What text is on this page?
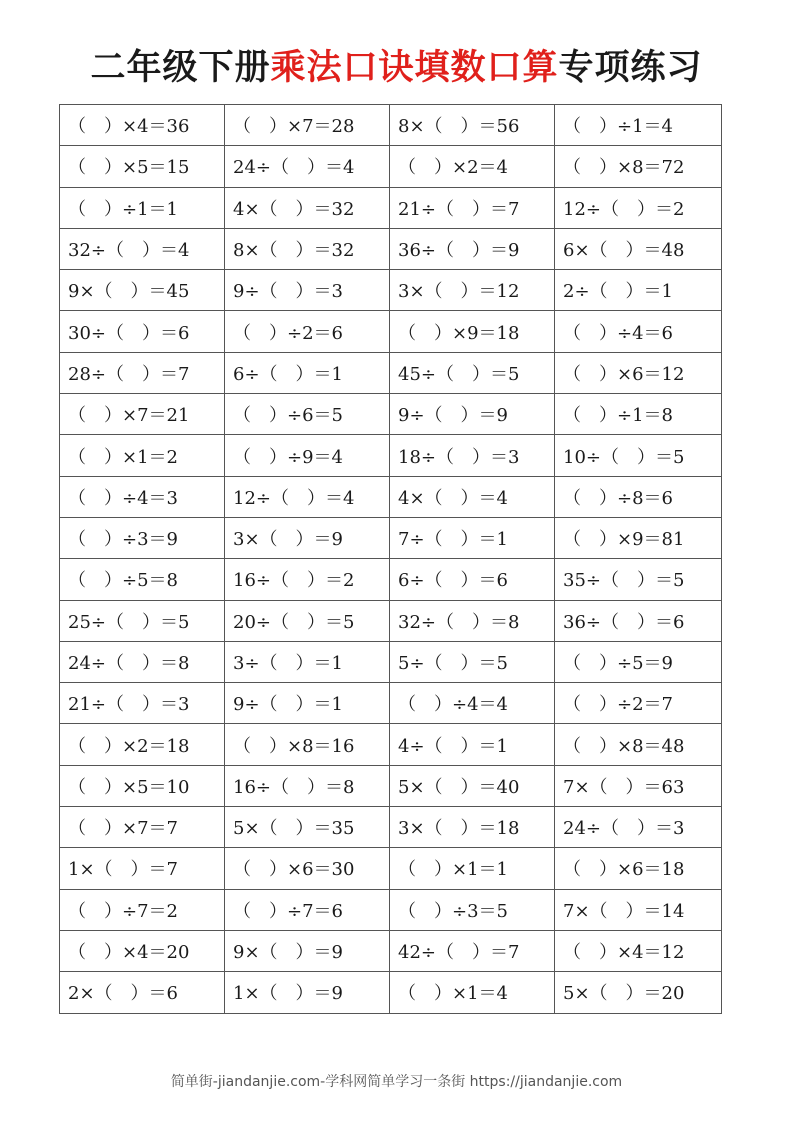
二年级下册乘法口诀填数口算专项练习
（　）×4＝36	（　）×7＝28	8×（　）＝56	（　）÷1＝4
（　）×5＝15	24÷（　）＝4	（　）×2＝4	（　）×8＝72
（　）÷1＝1	4×（　）＝32	21÷（　）＝7	12÷（　）＝2
32÷（　）＝4	8×（　）＝32	36÷（　）＝9	6×（　）＝48
9×（　）＝45	9÷（　）＝3	3×（　）＝12	2÷（　）＝1
30÷（　）＝6	（　）÷2＝6	（　）×9＝18	（　）÷4＝6
28÷（　）＝7	6÷（　）＝1	45÷（　）＝5	（　）×6＝12
（　）×7＝21	（　）÷6＝5	9÷（　）＝9	（　）÷1＝8
（　）×1＝2	（　）÷9＝4	18÷（　）＝3	10÷（　）＝5
（　）÷4＝3	12÷（　）＝4	4×（　）＝4	（　）÷8＝6
（　）÷3＝9	3×（　）＝9	7÷（　）＝1	（　）×9＝81
（　）÷5＝8	16÷（　）＝2	6÷（　）＝6	35÷（　）＝5
25÷（　）＝5	20÷（　）＝5	32÷（　）＝8	36÷（　）＝6
24÷（　）＝8	3÷（　）＝1	5÷（　）＝5	（　）÷5＝9
21÷（　）＝3	9÷（　）＝1	（　）÷4＝4	（　）÷2＝7
（　）×2＝18	（　）×8＝16	4÷（　）＝1	（　）×8＝48
（　）×5＝10	16÷（　）＝8	5×（　）＝40	7×（　）＝63
（　）×7＝7	5×（　）＝35	3×（　）＝18	24÷（　）＝3
1×（　）＝7	（　）×6＝30	（　）×1＝1	（　）×6＝18
（　）÷7＝2	（　）÷7＝6	（　）÷3＝5	7×（　）＝14
（　）×4＝20	9×（　）＝9	42÷（　）＝7	（　）×4＝12
2×（　）＝6	1×（　）＝9	（　）×1＝4	5×（　）＝20
简单街-jiandanjie.com-学科网简单学习一条街 https://jiandanjie.com
